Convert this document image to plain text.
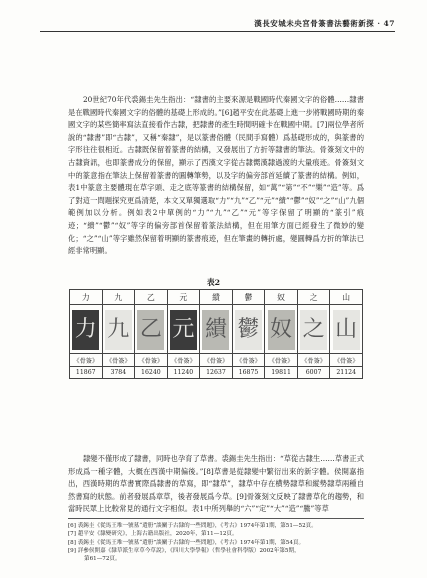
漢長安城未央宮骨簽書法藝術新探 · 47

20世紀70年代裘錫圭先生指出：“隸書的主要來源是戰國時代秦國文字的俗體……隸書是在戰國時代秦國文字的俗體的基礎上形成的。”[6]趙平安在此基礎上進一步將戰國時期的秦國文字的某些簡率寫法直接看作古隸，把隸書的產生時間明確卡在戰國中期。[7]兩位學者所說的“隸書”即“古隸”，又稱“秦隸”，是以篆書俗體（民間手寫體）爲基礎形成的，與篆書的字形往往很相近。古隸既保留着篆書的結構，又發展出了方折等隸書的筆法。骨簽刻文中的古隸資訊，也即篆書成分的保留，顯示了西漢文字從古隸嚮漢隸過渡的大量痕迹。骨簽刻文中的篆意指在筆法上保留着篆書的圓轉筆勢，以及字的偏旁部首延續了篆書的結構。例如，表1中篆意主要體現在草字頭、走之底等篆書的結構保留，如“萬”“第”“不”“樂”“造”等。爲了對這一問題探究更爲清楚，本文又單獨選取“力”“九”“乙”“元”“繢”“鬱”“奴”“之”“山”九個範例加以分析。例如表2中單例的“力”“九”“乙”“元”等字保留了明顯的“篆引”痕迹；“繢”“鬱”“奴”等字的偏旁部首保留着篆法結構，但在用筆方面已經發生了微妙的變化；“之”“山”等字雖然保留着明顯的篆書痕迹，但在筆畫的轉折處，變圓轉爲方折的筆法已經非常明顯。

表2
力	九	乙	元	繢	鬱	奴	之	山

力	九	乙	元	繢	鬱	奴	之	山

《骨簽》	《骨簽》	《骨簽》	《骨簽》	《骨簽》	《骨簽》	《骨簽》	《骨簽》	《骨簽》
11867	3784	16240	11240	12637	16875	19811	6007	21124

隸變不僅形成了隸書，同時也孕育了草書。裘錫圭先生指出：“草從古隸生……草書正式形成爲一種字體，大概在西漢中期偏後。”[8]草書是從隸變中繁衍出來的新字體。侯開嘉指出，西漢時期的草書實際爲隸書的草寫，即“隸草”，隸草中存在横勢隸草和縱勢隸草兩種自然書寫的狀態。前者發展爲章草，後者發展爲今草。[9]骨簽刻文反映了隸書草化的趨勢，和當時民眾上比較常見的通行文字相似。表1中所列舉的“六”“定”“大”“造”“騰”等草

[6] 裘錫圭《從馬王堆一號墓“遣册”談關于古隸的一些問題》，《考古》1974年第1期，第51—52頁。
[7] 趙平安《隸變研究》，上海古籍出版社，2020年，第11—12頁。
[8] 裘錫圭《從馬王堆一號墓“遣册”談關于古隸的一些問題》，《考古》1974年第1期，第54頁。
[9] 詳參侯開嘉《隸草派生章草今草說》，《四川大學學報》（哲學社會科學版）2002年第5期，
第61—72頁。
